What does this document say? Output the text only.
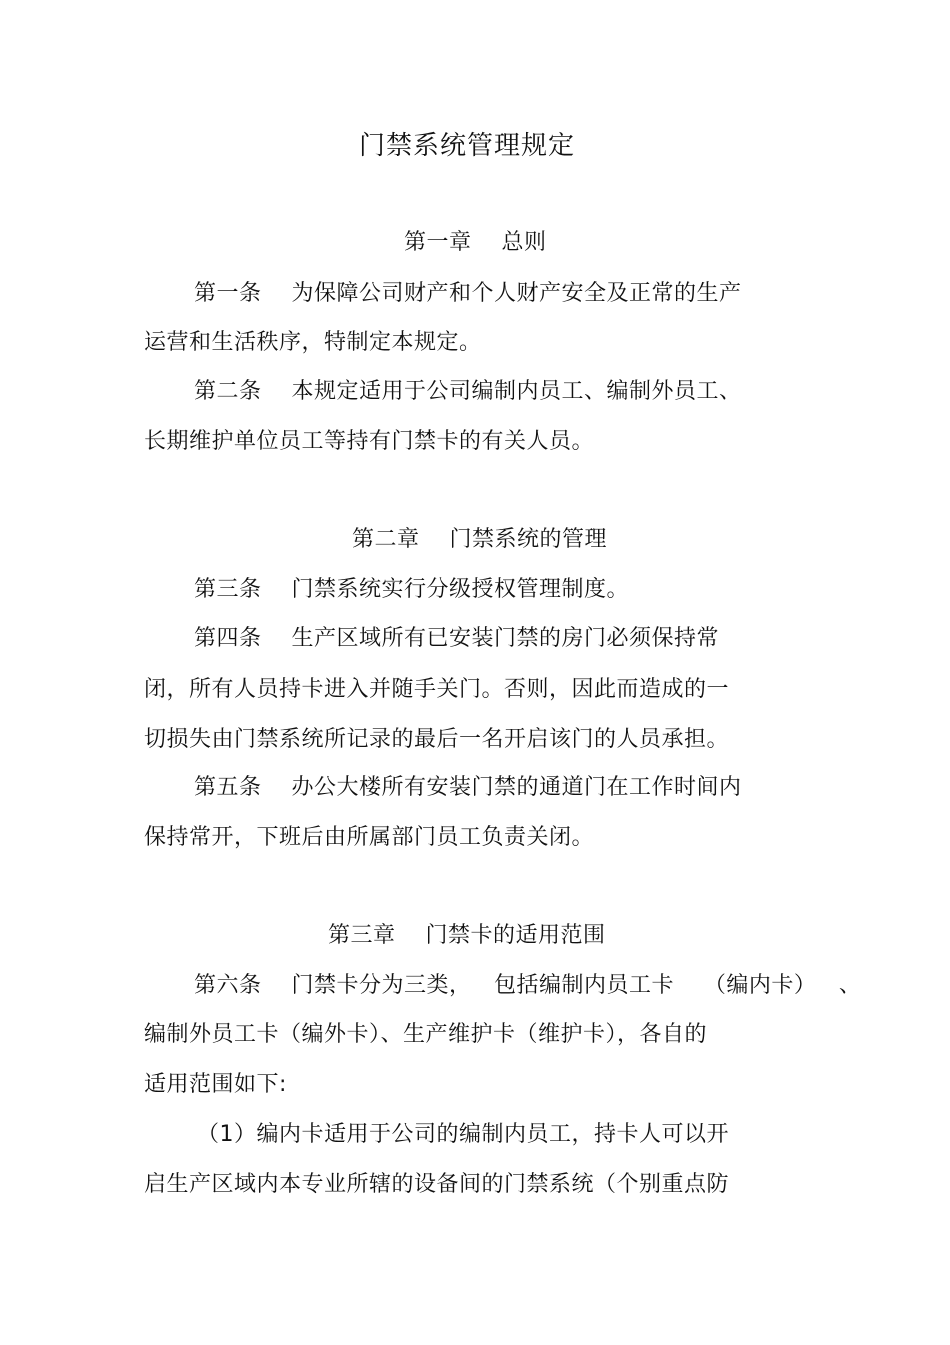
门禁系统管理规定
第一章    总则
第一条    为保障公司财产和个人财产安全及正常的生产
运营和生活秩序，特制定本规定。
第二条    本规定适用于公司编制内员工、编制外员工、
长期维护单位员工等持有门禁卡的有关人员。
第二章    门禁系统的管理
第三条    门禁系统实行分级授权管理制度。
第四条    生产区域所有已安装门禁的房门必须保持常
闭，所有人员持卡进入并随手关门。否则，因此而造成的一
切损失由门禁系统所记录的最后一名开启该门的人员承担。
第五条    办公大楼所有安装门禁的通道门在工作时间内
保持常开，下班后由所属部门员工负责关闭。
第三章    门禁卡的适用范围
第六条    门禁卡分为三类，   包括编制内员工卡    （编内卡）   、
编制外员工卡（编外卡）、生产维护卡（维护卡），各自的
适用范围如下:
（1）编内卡适用于公司的编制内员工，持卡人可以开
启生产区域内本专业所辖的设备间的门禁系统（个别重点防
